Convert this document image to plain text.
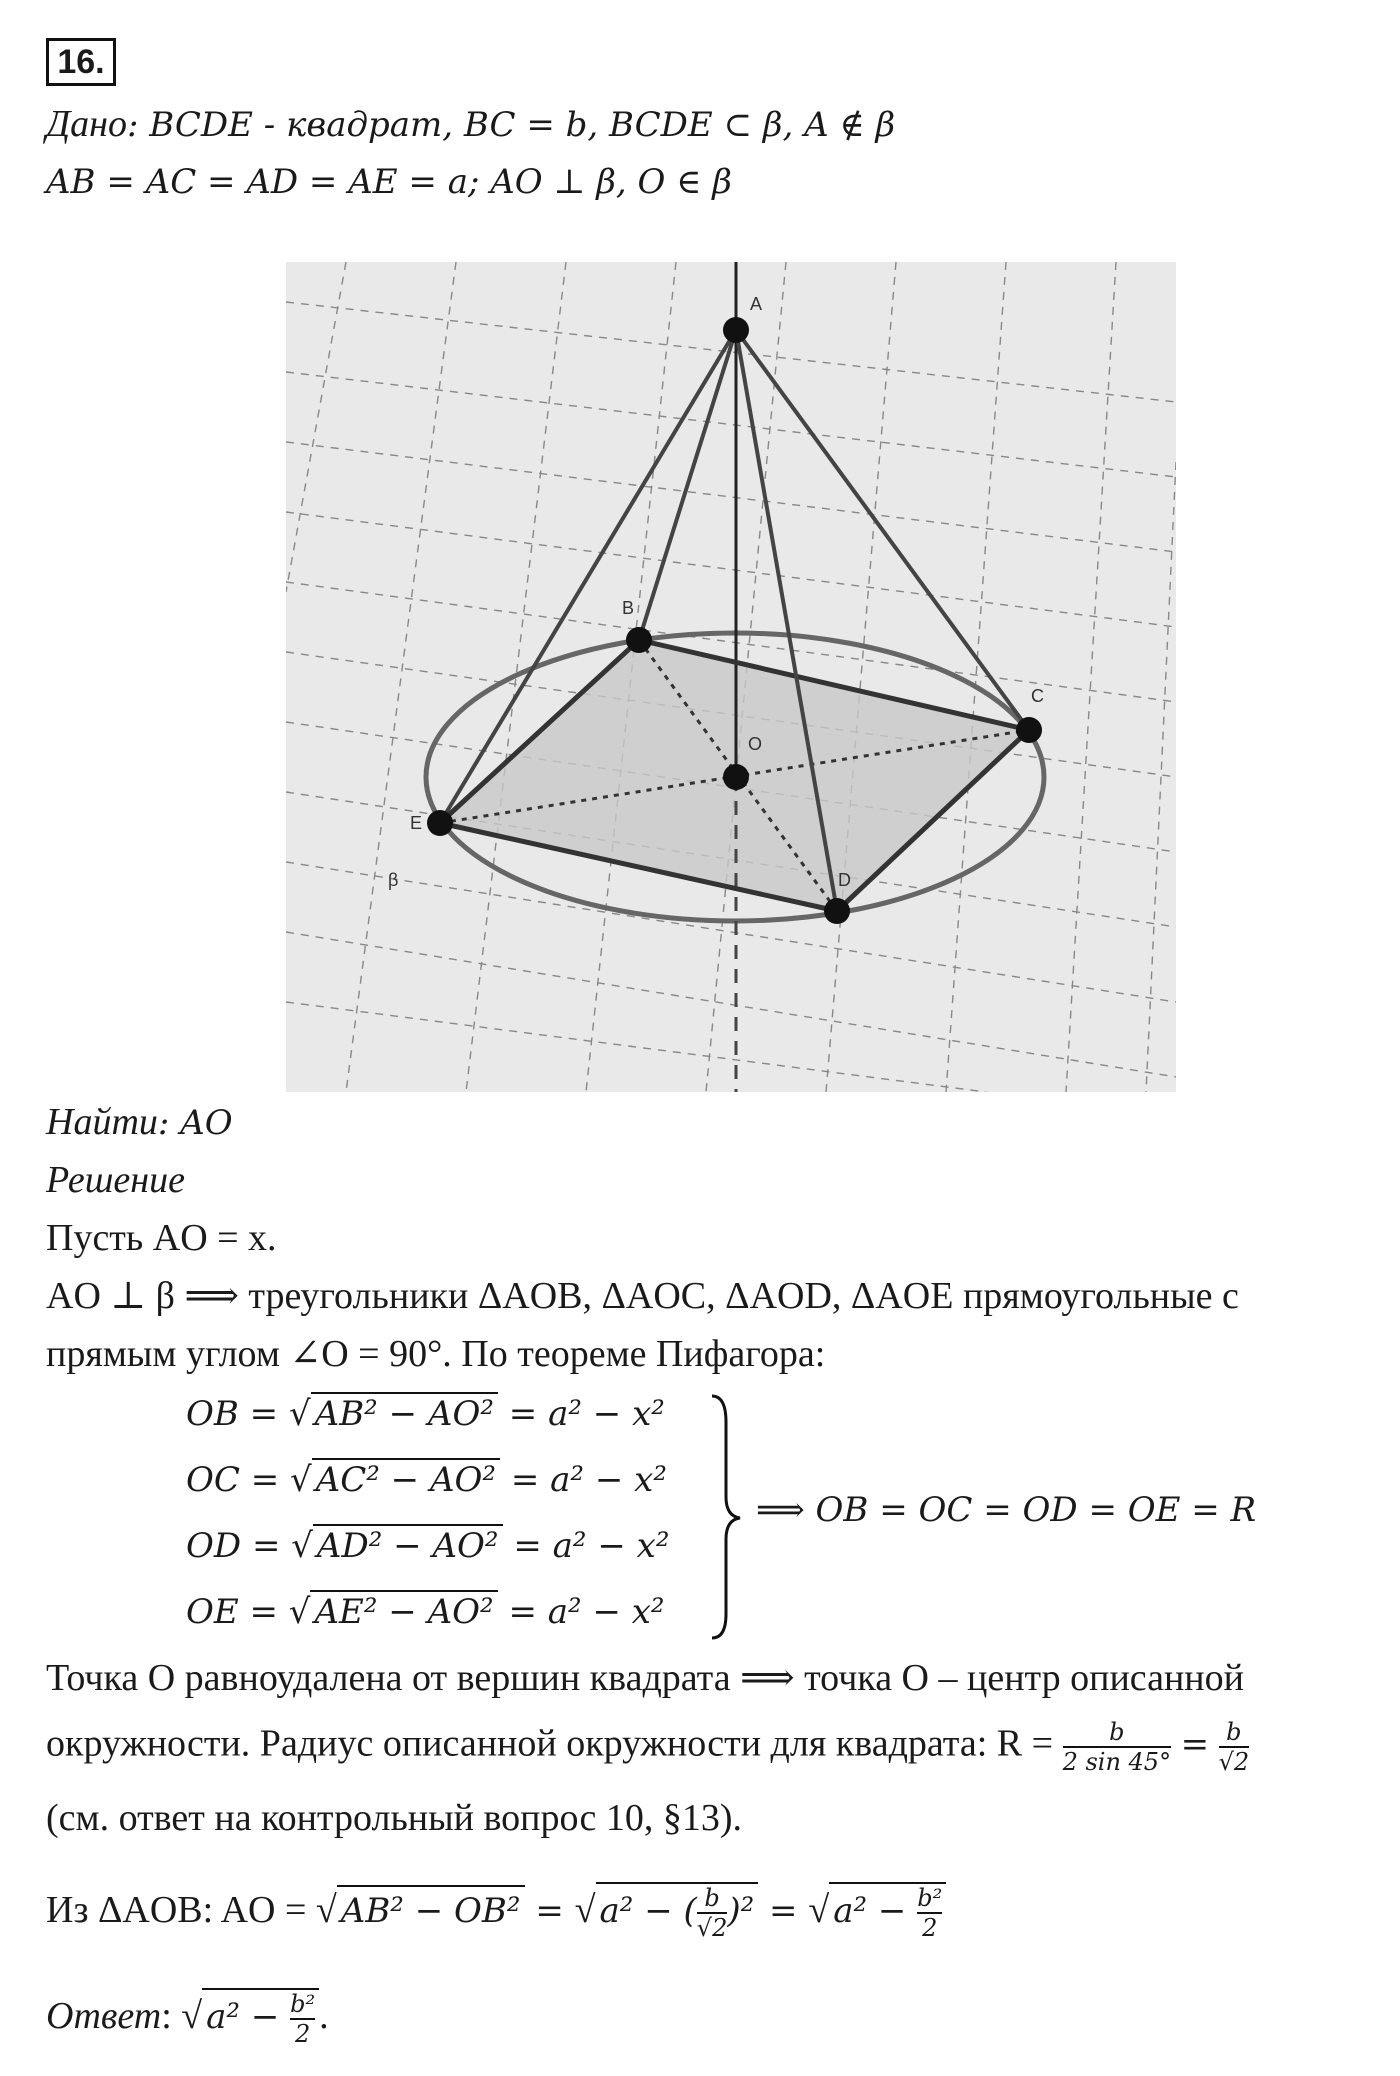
16.
Дано: BCDE - квадрат, BC = b, BCDE ⊂ β, A ∉ β
AB = AC = AD = AE = a; AO ⊥ β, O ∈ β
A
B
C
D
E
O
β
Найти: AO
Решение
Пусть AO = x.
AO ⊥ β ⟹ треугольники ΔAOB, ΔAOC, ΔAOD, ΔAOE прямоугольные с
прямым углом ∠O = 90°. По теореме Пифагора:
OB = √ AB² − AO² = a² − x²
OC = √ AC² − AO² = a² − x²
OD = √ AD² − AO² = a² − x²
OE = √ AE² − AO² = a² − x²
⟹ OB = OC = OD = OE = R
Точка O равноудалена от вершин квадрата ⟹ точка O – центр описанной
окружности. Радиус описанной окружности для квадрата: $R = \frac{b}{2 \sin 45^\circ} = \frac{b}{√2}$
(см. ответ на контрольный вопрос 10, §13).
Из ΔAOB: AO = √ AB² − OB² = √ a² − ( $\frac{b}{√2} )^2$ = √ $a^2 - \frac{\text{b²}}{2}$
Ответ: √ $a^2 - \frac{\text{b²}}{2}$ .
